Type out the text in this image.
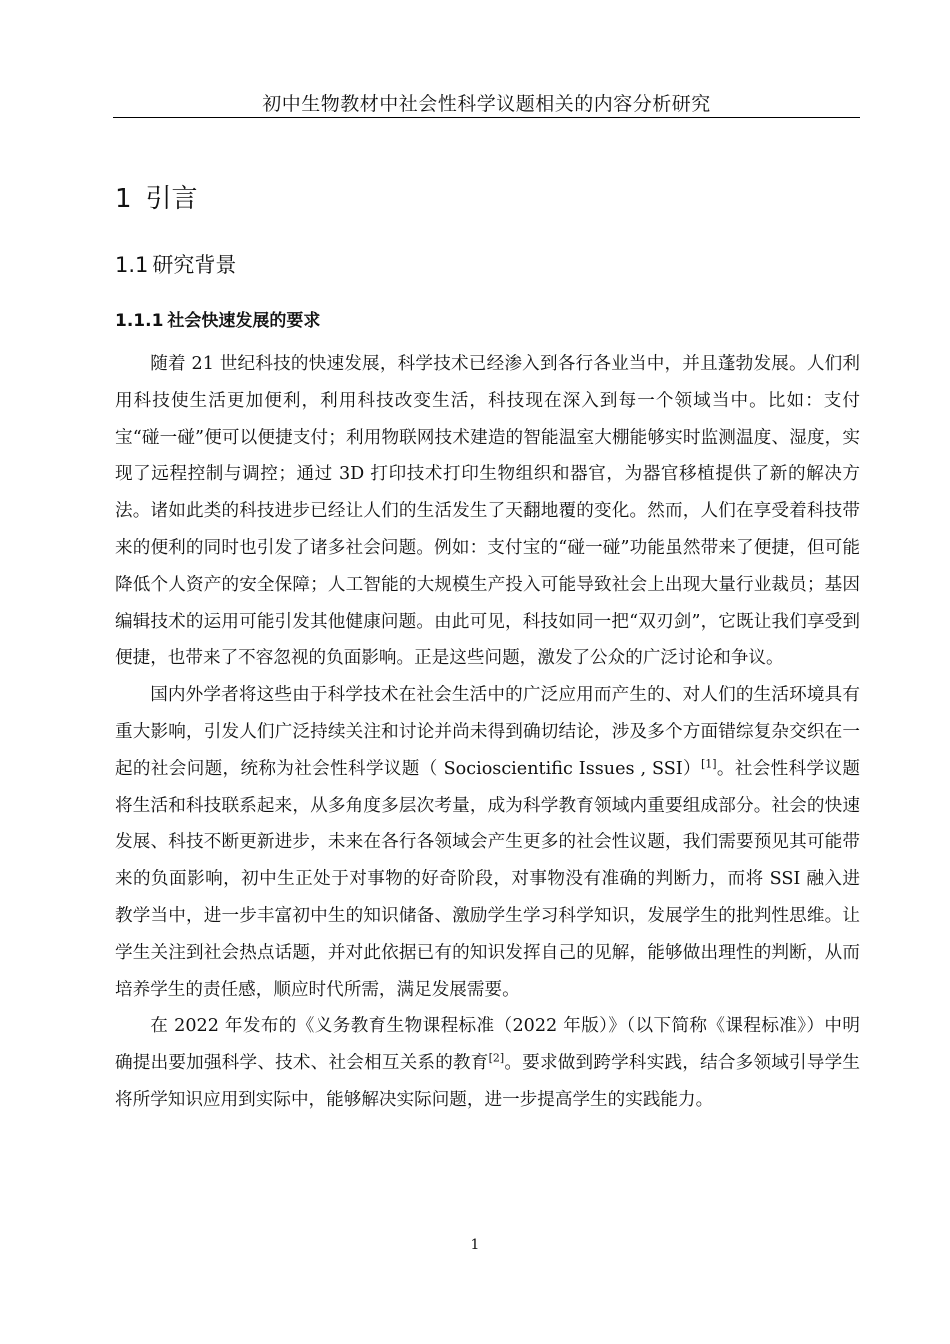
初中生物教材中社会性科学议题相关的内容分析研究
1 引言
1.1 研究背景
1.1.1 社会快速发展的要求

随着 21 世纪科技的快速发展，科学技术已经渗入到各行各业当中，并且蓬勃发展。人们利用科技使生活更加便利，利用科技改变生活，科技现在深入到每一个领域当中。比如：支付宝“碰一碰”便可以便捷支付；利用物联网技术建造的智能温室大棚能够实时监测温度、湿度，实现了远程控制与调控；通过 3D 打印技术打印生物组织和器官，为器官移植提供了新的解决方法。诸如此类的科技进步已经让人们的生活发生了天翻地覆的变化。然而，人们在享受着科技带来的便利的同时也引发了诸多社会问题。例如：支付宝的“碰一碰”功能虽然带来了便捷，但可能降低个人资产的安全保障；人工智能的大规模生产投入可能导致社会上出现大量行业裁员；基因编辑技术的运用可能引发其他健康问题。由此可见，科技如同一把“双刃剑”，它既让我们享受到便捷，也带来了不容忽视的负面影响。正是这些问题，激发了公众的广泛讨论和争议。

国内外学者将这些由于科学技术在社会生活中的广泛应用而产生的、对人们的生活环境具有重大影响，引发人们广泛持续关注和讨论并尚未得到确切结论，涉及多个方面错综复杂交织在一起的社会问题，统称为社会性科学议题（ Socioscientific Issues , SSI）[1]。社会性科学议题将生活和科技联系起来，从多角度多层次考量，成为科学教育领域内重要组成部分。社会的快速发展、科技不断更新进步，未来在各行各领域会产生更多的社会性议题，我们需要预见其可能带来的负面影响，初中生正处于对事物的好奇阶段，对事物没有准确的判断力，而将 SSI 融入进教学当中，进一步丰富初中生的知识储备、激励学生学习科学知识，发展学生的批判性思维。让学生关注到社会热点话题，并对此依据已有的知识发挥自己的见解，能够做出理性的判断，从而培养学生的责任感，顺应时代所需，满足发展需要。

在 2022 年发布的《义务教育生物课程标准（2022 年版）》（以下简称《课程标准》）中明确提出要加强科学、技术、社会相互关系的教育[2]。要求做到跨学科实践，结合多领域引导学生将所学知识应用到实际中，能够解决实际问题，进一步提高学生的实践能力。

1
